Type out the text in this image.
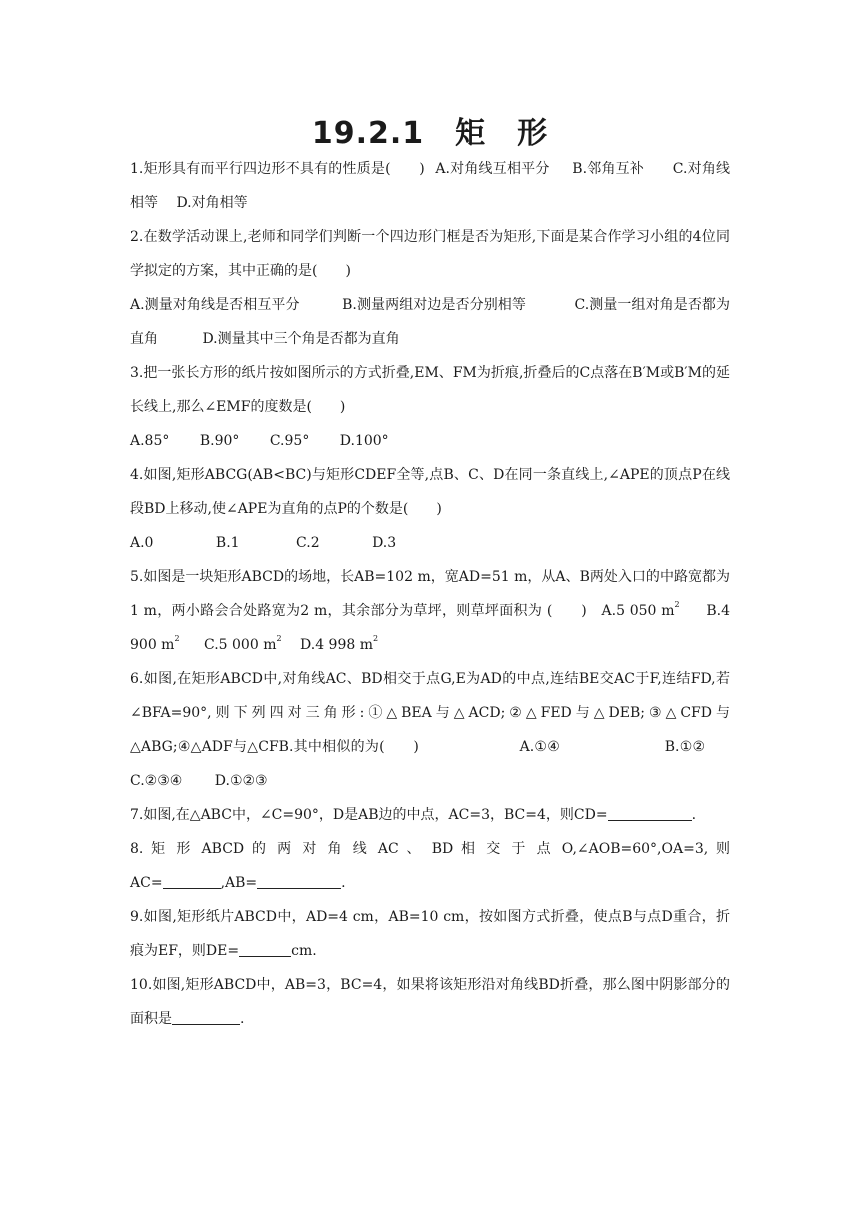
19.2.1　矩　形

1.矩形具有而平行四边形不具有的性质是(　　) A.对角线互相平分 B.邻角互补 C.对角线相等 D.对角相等

2.在数学活动课上,老师和同学们判断一个四边形门框是否为矩形,下面是某合作学习小组的4位同学拟定的方案，其中正确的是(　　)

A.测量对角线是否相互平分	B.测量两组对边是否分别相等	C.测量一组对角是否都为直角	D.测量其中三个角是否都为直角

3.把一张长方形的纸片按如图所示的方式折叠,EM、FM为折痕,折叠后的C点落在B′M或B′M的延长线上,那么∠EMF的度数是(　　)

A.85° B.90° C.95° D.100°

4.如图,矩形ABCG(AB<BC)与矩形CDEF全等,点B、C、D在同一条直线上,∠APE的顶点P在线段BD上移动,使∠APE为直角的点P的个数是(　　)

A.0	B.1	C.2	D.3

5.如图是一块矩形ABCD的场地，长AB=102 m，宽AD=51 m，从A、B两处入口的中路宽都为1 m，两小路会合处路宽为2 m，其余部分为草坪，则草坪面积为 (　　) A.5 050 $m^2$ B.4 900 $m^2$ C.5 000 $m^2$ D.4 998 $m^2$

6.如图,在矩形ABCD中,对角线AC、BD相交于点G,E为AD的中点,连结BE交AC于F,连结FD,若∠BFA=90°,则下列四对三角形:①△BEA与△ACD;②△FED与△DEB;③△CFD与△ABG;④△ADF与△CFB.其中相似的为(　　)	A.①④	B.①② C.②③④ D.①②③

7.如图,在△ABC中，∠C=90°，D是AB边的中点，AC=3，BC=4，则CD=	.

8. 矩 形 ABCD 的 两 对 角 线 AC 、 BD 相 交 于 点 O,∠AOB=60°,OA=3, 则

AC=	,AB=	.

9.如图,矩形纸片ABCD中，AD=4 cm，AB=10 cm，按如图方式折叠，使点B与点D重合，折痕为EF，则DE=	cm.

10.如图,矩形ABCD中，AB=3，BC=4，如果将该矩形沿对角线BD折叠，那么图中阴影部分的面积是	.
